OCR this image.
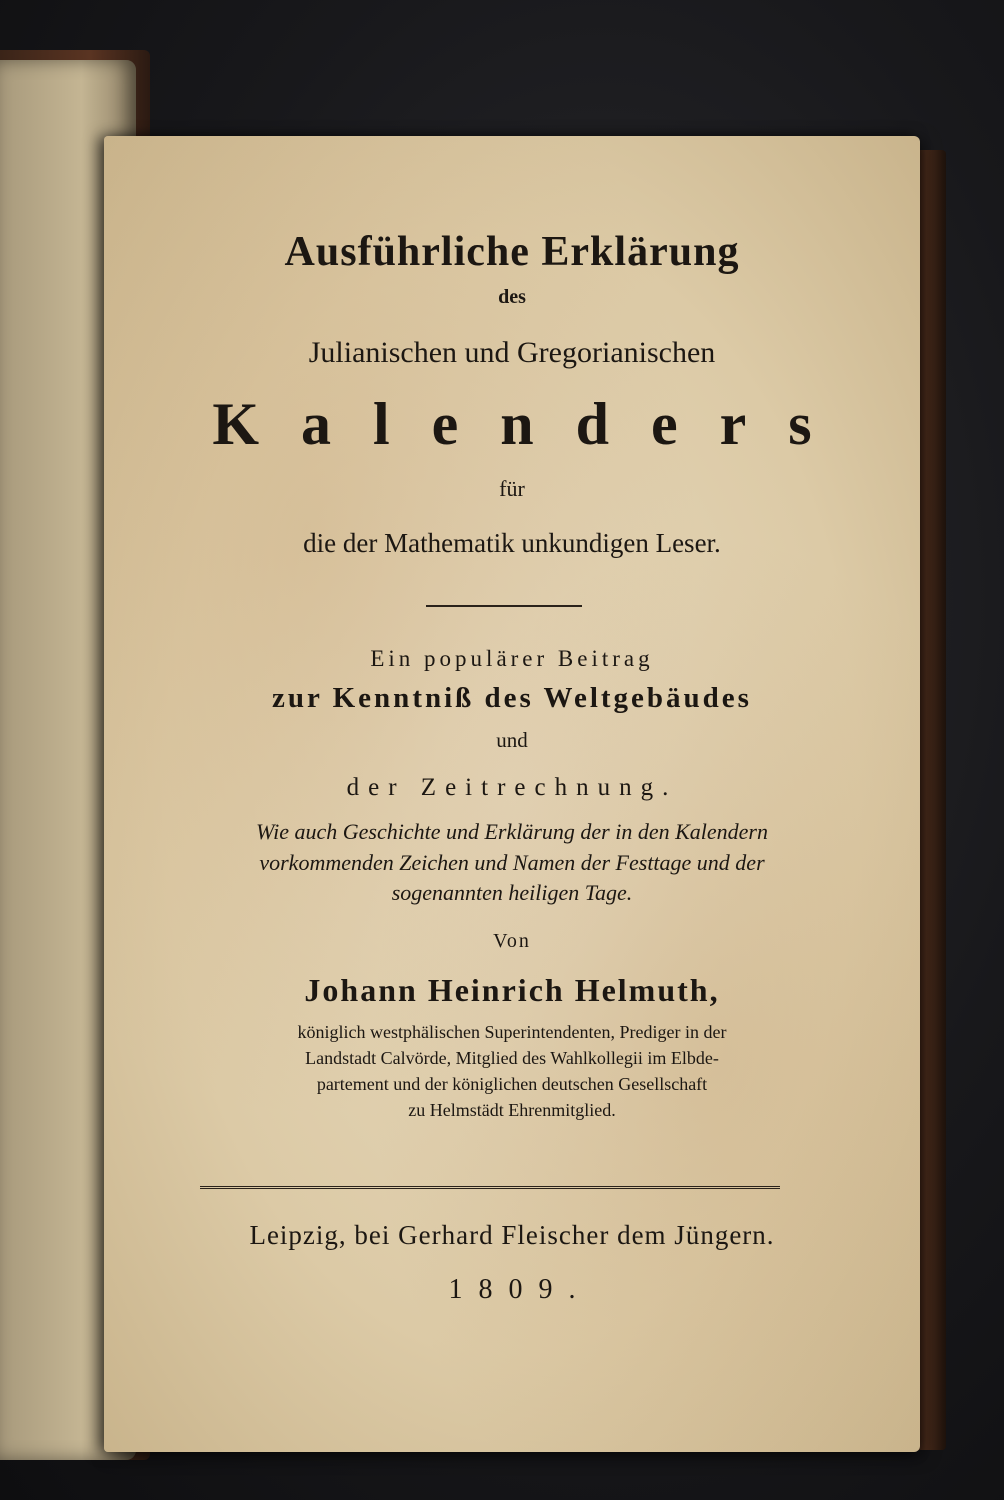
Ausführliche Erklärung
des
Julianischen und Gregorianischen
Kalenders
für
die der Mathematik unkundigen Leser.
Ein populärer Beitrag
zur Kenntniß des Weltgebäudes
und
der Zeitrechnung.
Wie auch Geschichte und Erklärung der in den Kalendern
vorkommenden Zeichen und Namen der Festtage und der
sogenannten heiligen Tage.
Von
Johann Heinrich Helmuth,
königlich westphälischen Superintendenten, Prediger in der
Landstadt Calvörde, Mitglied des Wahlkollegii im Elbde-
partement und der königlichen deutschen Gesellschaft
zu Helmstädt Ehrenmitglied.
Leipzig, bei Gerhard Fleischer dem Jüngern.
1809.
